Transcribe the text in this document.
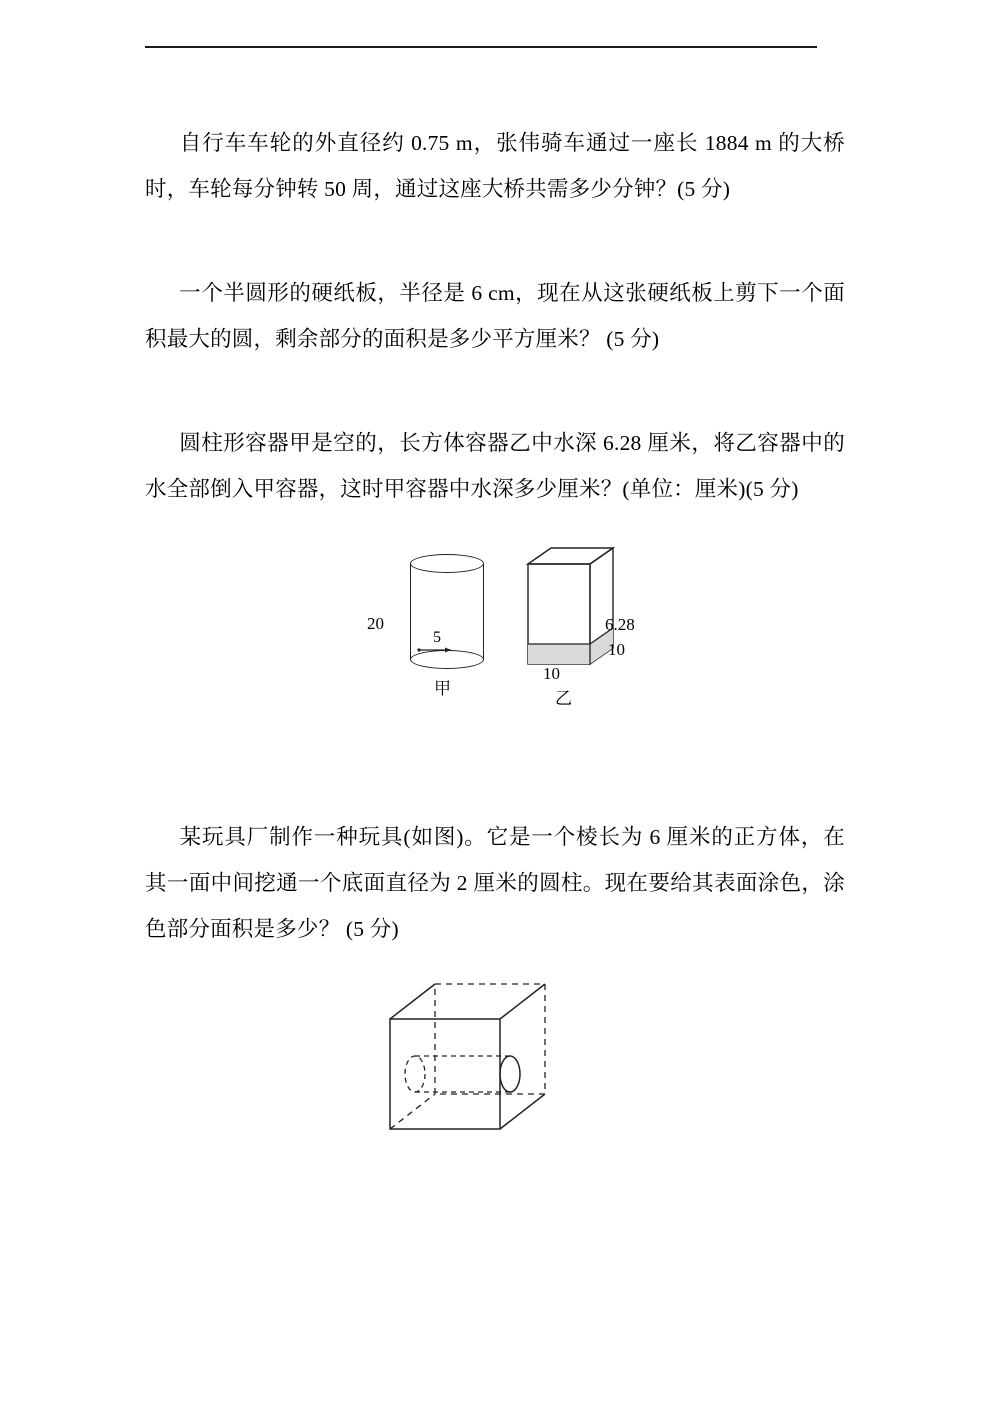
自行车车轮的外直径约 0.75 m，张伟骑车通过一座长 1884 m 的大桥时，车轮每分钟转 50 周，通过这座大桥共需多少分钟？(5 分)
一个半圆形的硬纸板，半径是 6 cm，现在从这张硬纸板上剪下一个面积最大的圆，剩余部分的面积是多少平方厘米？ (5 分)
圆柱形容器甲是空的，长方体容器乙中水深 6.28 厘米，将乙容器中的水全部倒入甲容器，这时甲容器中水深多少厘米？(单位：厘米)(5 分)
20
5
甲
6.28
10
10
乙
某玩具厂制作一种玩具(如图)。它是一个棱长为 6 厘米的正方体，在其一面中间挖通一个底面直径为 2 厘米的圆柱。现在要给其表面涂色，涂色部分面积是多少？ (5 分)
